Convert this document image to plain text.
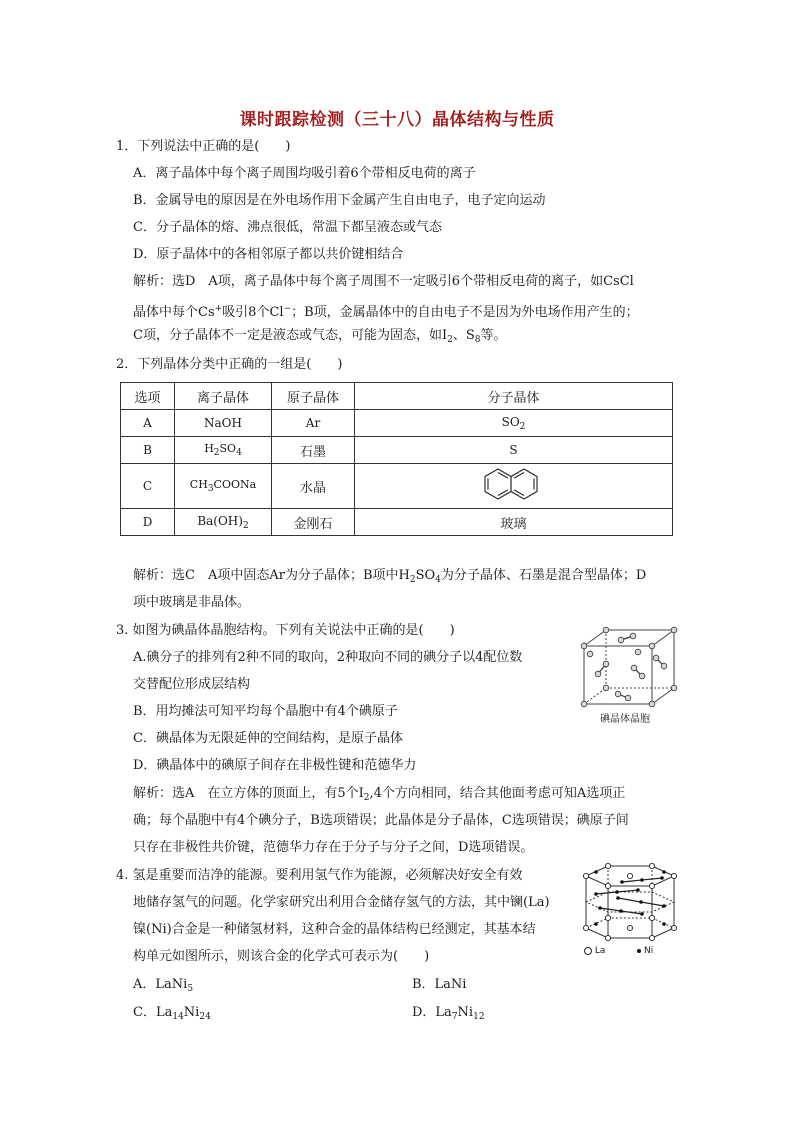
课时跟踪检测（三十八）晶体结构与性质
1．下列说法中正确的是(　　)
A．离子晶体中每个离子周围均吸引着6个带相反电荷的离子
B．金属导电的原因是在外电场作用下金属产生自由电子，电子定向运动
C．分子晶体的熔、沸点很低，常温下都呈液态或气态
D．原子晶体中的各相邻原子都以共价键相结合
解析：选D　A项，离子晶体中每个离子周围不一定吸引6个带相反电荷的离子，如CsCl
晶体中每个Cs+吸引8个Cl−；B项，金属晶体中的自由电子不是因为外电场作用产生的；
C项，分子晶体不一定是液态或气态，可能为固态，如$I_2$、$S_8$等。
2．下列晶体分类中正确的一组是(　　)
选项	离子晶体	原子晶体	分子晶体
A	NaOH	Ar	$SO_2$
B	$H_2SO_4$	石墨	S
C	$CH_3COONa$	水晶	
D	$Ba(OH)_2$	金刚石	玻璃
解析：选C　A项中固态Ar为分子晶体；B项中$H_2SO_4$为分子晶体、石墨是混合型晶体；D
项中玻璃是非晶体。
3. 如图为碘晶体晶胞结构。下列有关说法中正确的是(　　)
A.碘分子的排列有2种不同的取向，2种取向不同的碘分子以4配位数
交替配位形成层结构
B．用均摊法可知平均每个晶胞中有4个碘原子
C．碘晶体为无限延伸的空间结构，是原子晶体
D．碘晶体中的碘原子间存在非极性键和范德华力
解析：选A　在立方体的顶面上，有5个$I_2,4$个方向相同，结合其他面考虑可知A选项正
确；每个晶胞中有4个碘分子，B选项错误；此晶体是分子晶体，C选项错误；碘原子间
只存在非极性共价键，范德华力存在于分子与分子之间，D选项错误。
碘晶体晶胞
4. 氢是重要而洁净的能源。要利用氢气作为能源，必须解决好安全有效
地储存氢气的问题。化学家研究出利用合金储存氢气的方法，其中镧(La)
镍(Ni)合金是一种储氢材料，这种合金的晶体结构已经测定，其基本结
构单元如图所示，则该合金的化学式可表示为(　　)
A．LaNi$_5$	B．LaNi
C．$La_{14}Ni_{24}$	D．$La_7Ni_{12}$
La	Ni
